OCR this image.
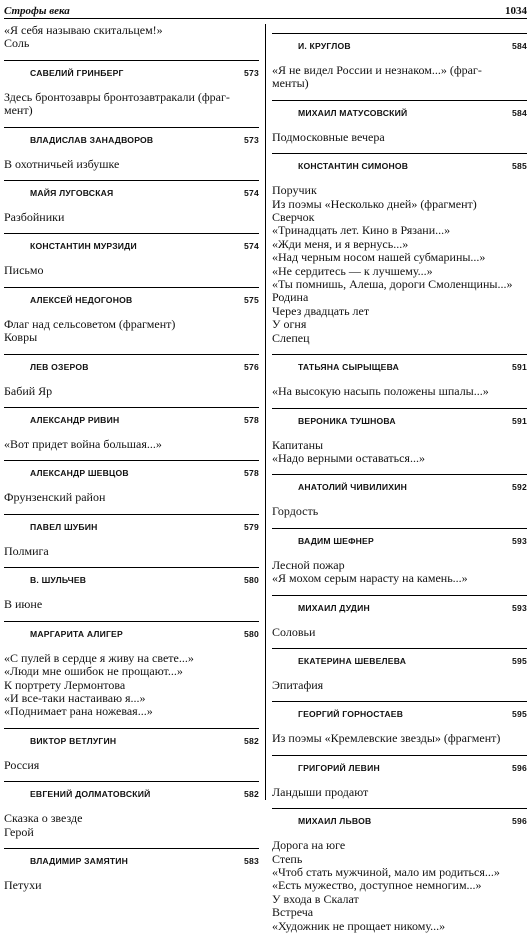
Строфы века	1034
«Я себя называю скитальцем!»
Соль
САВЕЛИЙ ГРИНБЕРГ	573
Здесь бронтозавры бронтозавтракали (фраг-
мент)
ВЛАДИСЛАВ ЗАНАДВОРОВ	573
В охотничьей избушке
МАЙЯ ЛУГОВСКАЯ	574
Разбойники
КОНСТАНТИН МУРЗИДИ	574
Письмо
АЛЕКСЕЙ НЕДОГОНОВ	575
Флаг над сельсоветом (фрагмент)
Ковры
ЛЕВ ОЗЕРОВ	576
Бабий Яр
АЛЕКСАНДР РИВИН	578
«Вот придет война большая...»
АЛЕКСАНДР ШЕВЦОВ	578
Фрунзенский район
ПАВЕЛ ШУБИН	579
Полмига
В. ШУЛЬЧЕВ	580
В июне
МАРГАРИТА АЛИГЕР	580
«С пулей в сердце я живу на свете...»
«Люди мне ошибок не прощают...»
К портрету Лермонтова
«И все-таки настаиваю я...»
«Поднимает рана ножевая...»
ВИКТОР ВЕТЛУГИН	582
Россия
ЕВГЕНИЙ ДОЛМАТОВСКИЙ	582
Сказка о звезде
Герой
ВЛАДИМИР ЗАМЯТИН	583
Петухи
И. КРУГЛОВ	584
«Я не видел России и незнаком...» (фраг-
менты)
МИХАИЛ МАТУСОВСКИЙ	584
Подмосковные вечера
КОНСТАНТИН СИМОНОВ	585
Поручик
Из поэмы «Несколько дней» (фрагмент)
Сверчок
«Тринадцать лет. Кино в Рязани...»
«Жди меня, и я вернусь...»
«Над черным носом нашей субмарины...»
«Не сердитесь — к лучшему...»
«Ты помнишь, Алеша, дороги Смоленщины...»
Родина
Через двадцать лет
У огня
Слепец
ТАТЬЯНА СЫРЫЩЕВА	591
«На высокую насыпь положены шпалы...»
ВЕРОНИКА ТУШНОВА	591
Капитаны
«Надо верными оставаться...»
АНАТОЛИЙ ЧИВИЛИХИН	592
Гордость
ВАДИМ ШЕФНЕР	593
Лесной пожар
«Я мохом серым нарасту на камень...»
МИХАИЛ ДУДИН	593
Соловьи
ЕКАТЕРИНА ШЕВЕЛЕВА	595
Эпитафия
ГЕОРГИЙ ГОРНОСТАЕВ	595
Из поэмы «Кремлевские звезды» (фрагмент)
ГРИГОРИЙ ЛЕВИН	596
Ландыши продают
МИХАИЛ ЛЬВОВ	596
Дорога на юге
Степь
«Чтоб стать мужчиной, мало им родиться...»
«Есть мужество, доступное немногим...»
У входа в Скалат
Встреча
«Художник не прощает никому...»
